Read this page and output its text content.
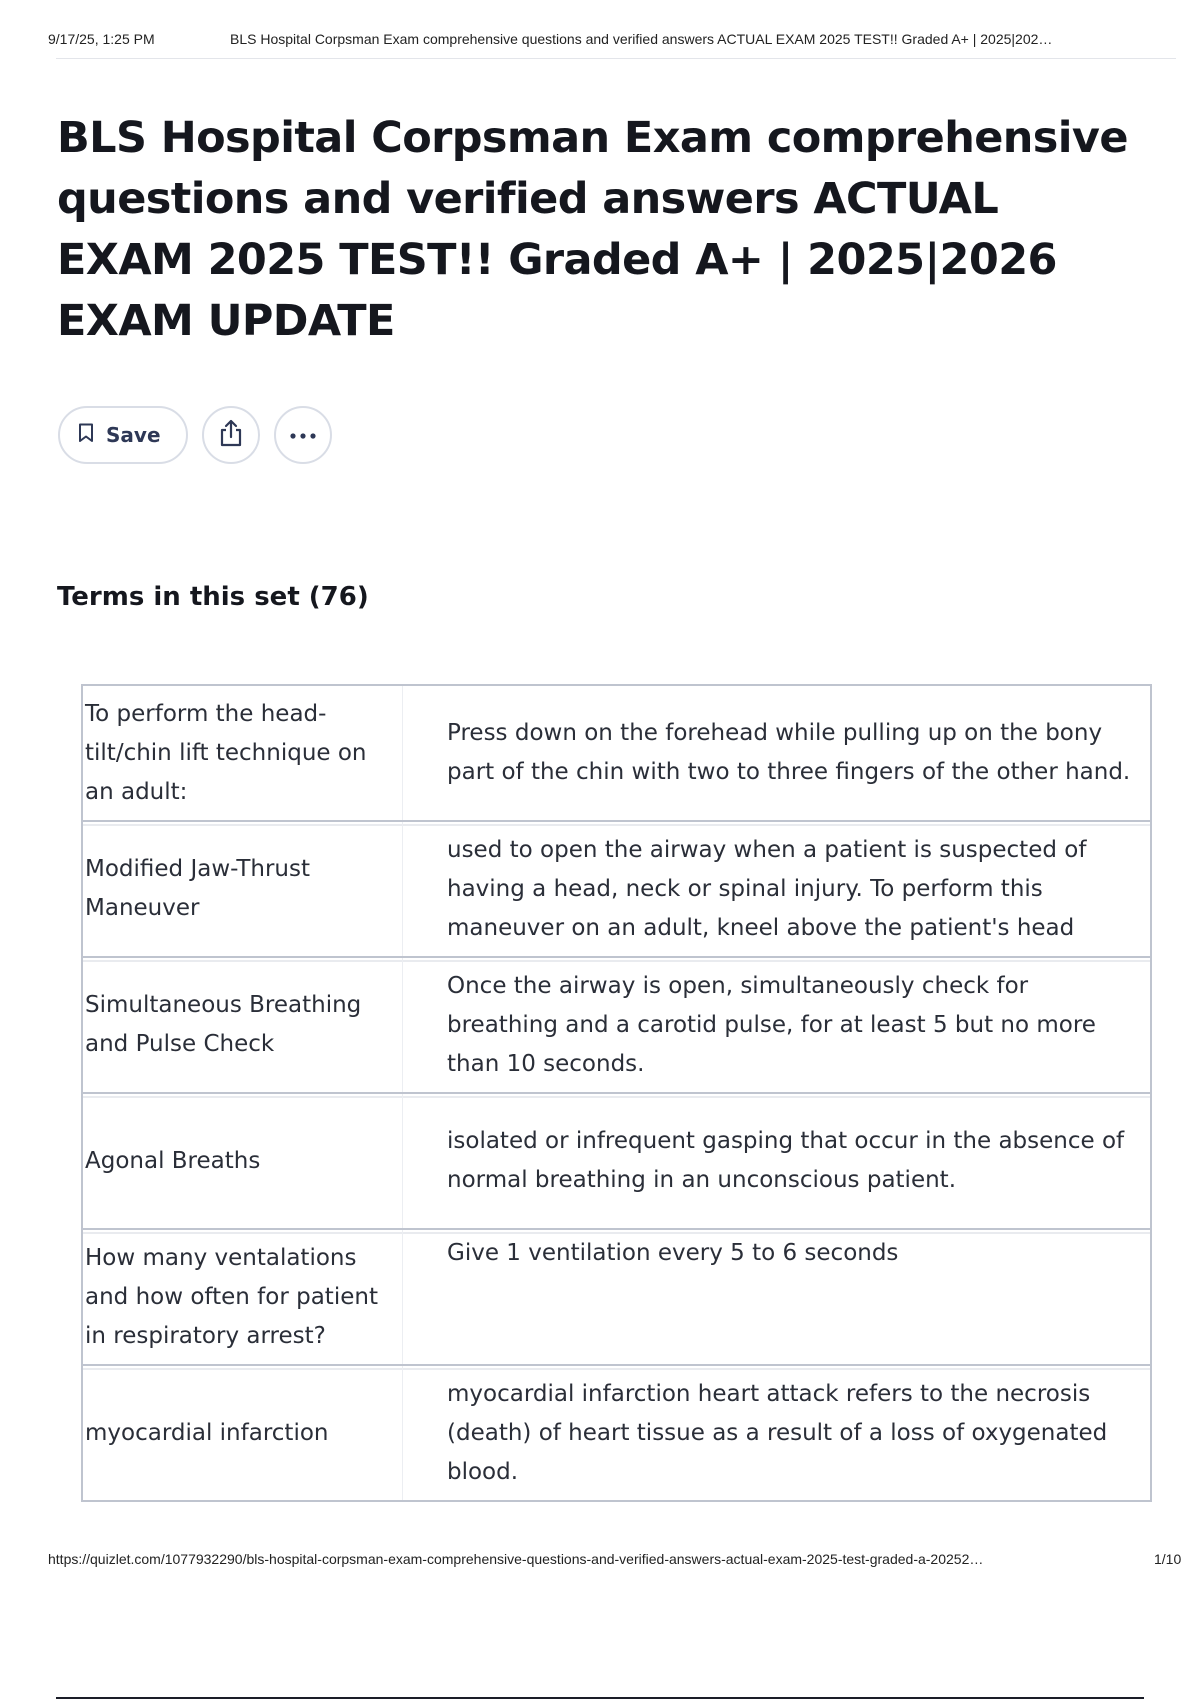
9/17/25, 1:25 PM	BLS Hospital Corpsman Exam comprehensive questions and verified answers ACTUAL EXAM 2025 TEST!! Graded A+ | 2025|202…
BLS Hospital Corpsman Exam comprehensive questions and verified answers ACTUAL EXAM 2025 TEST!! Graded A+ | 2025|2026 EXAM UPDATE
Save
Terms in this set (76)
To perform the head-tilt/chin lift technique on an adult:
Press down on the forehead while pulling up on the bony part of the chin with two to three fingers of the other hand.
Modified Jaw-Thrust Maneuver
used to open the airway when a patient is suspected of having a head, neck or spinal injury. To perform this maneuver on an adult, kneel above the patient's head
Simultaneous Breathing and Pulse Check
Once the airway is open, simultaneously check for breathing and a carotid pulse, for at least 5 but no more than 10 seconds.
Agonal Breaths
isolated or infrequent gasping that occur in the absence of normal breathing in an unconscious patient.
How many ventalations and how often for patient in respiratory arrest?
Give 1 ventilation every 5 to 6 seconds
myocardial infarction
myocardial infarction heart attack refers to the necrosis (death) of heart tissue as a result of a loss of oxygenated blood.
https://quizlet.com/1077932290/bls-hospital-corpsman-exam-comprehensive-questions-and-verified-answers-actual-exam-2025-test-graded-a-20252…	1/10
